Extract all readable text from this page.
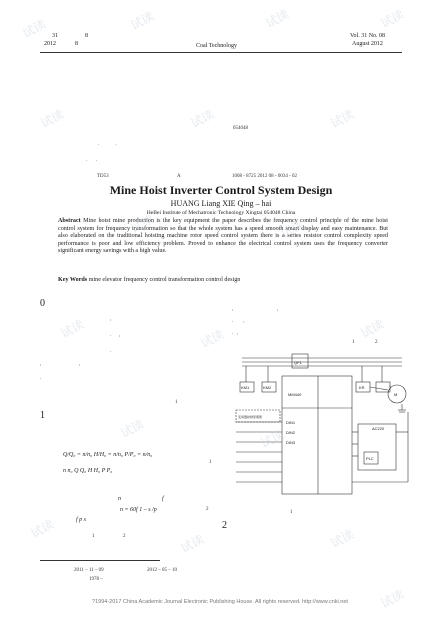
31	8
2012	8	Coal Technology
Vol. 31 No. 08
August 2012
054048
.             .
.       .
TD53	A	1008 - 8725 2012 08 - 0034 - 02
Mine Hoist Inverter Control System Design
HUANG Liang XIE Qing – hai
HeBei Institute of Mechatronic Technology Xingtai 054048 China
Abstract Mine hoist mine production is the key equipment the paper describes the frequency control principle of the mine hoist control system for frequency transformation so that the whole system has a speed smooth smart display and easy maintenance. But also elaborated on the traditional hoisting machine rotor speed control system there is a series resistor control complexity speed performance is poor and low efficiency problem. Proved to enhance the electrical control system uses the frequency converter significant energy savings with a high value.
Key Words mine elevator frequency control transformation control design
0
1
2
,
.      ,
.

,                              ,
.
1
Q/Q₀ = n/n₀ H/H₀ = n/n₀ P/P₀ = n/n₀
1
n n₀ Q Q₀ H H₀ P P₀
n	f
n = 60f 1 – s /p	2
f p s
1	2
,                                   ,
.        ,
.   ,
1	2
QF1
KM1	KM2	KR
MM440	M
DIN1
DIN2
DIN3
PLC
AC220
变频器控制原理图
1
2011 – 11 – 09	2012 – 05 – 10
1978 –
?1994-2017 China Academic Journal Electronic Publishing House. All rights reserved. http://www.cnki.net
试读	试读	试读	试读
试读	试读	试读
试读	试读
试读	试读	试读
试读	试读
试读
试读	试读
试读
